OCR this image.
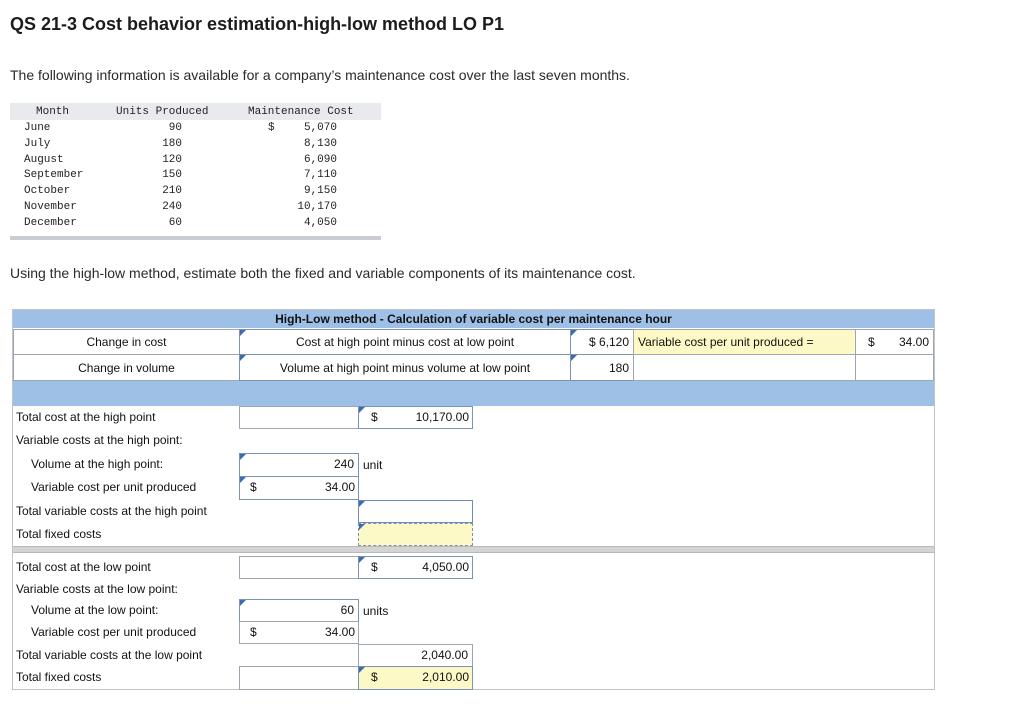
QS 21-3 Cost behavior estimation-high-low method LO P1
The following information is available for a company’s maintenance cost over the last seven months.
Month	Units Produced	Maintenance Cost
$
June	90	5,070
July	180	8,130
August	120	6,090
September	150	7,110
October	210	9,150
November	240	10,170
December	60	4,050
Using the high-low method, estimate both the fixed and variable components of its maintenance cost.
High-Low method - Calculation of variable cost per maintenance hour
Change in cost	Cost at high point minus cost at low point	$ 6,120 Variable cost per unit produced =	$ 34.00
Change in volume	Volume at high point minus volume at low point	180
Total cost at the high point	$	10,170.00
Variable costs at the high point:
Volume at the high point:	240 unit
Variable cost per unit produced	$	34.00
Total variable costs at the high point
Total fixed costs
Total cost at the low point	$	4,050.00
Variable costs at the low point:
Volume at the low point:	60 units
Variable cost per unit produced	$	34.00
Total variable costs at the low point	2,040.00
Total fixed costs	$	2,010.00
